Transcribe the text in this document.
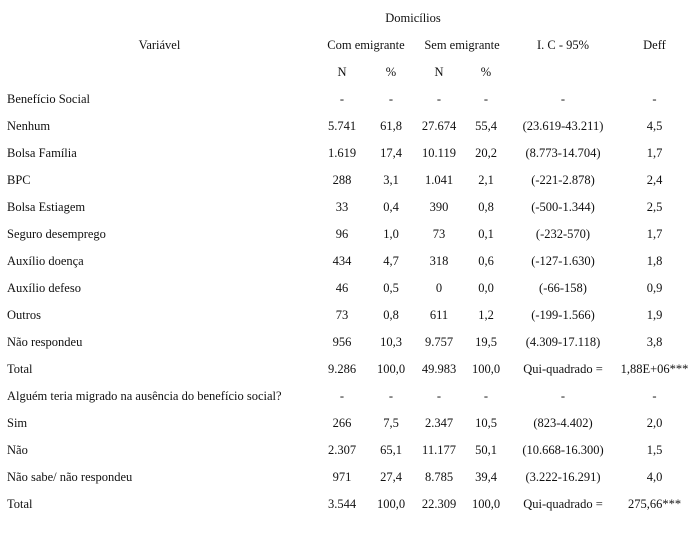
	Domicílios					
Variável	Com emigrante		Sem emigrante		I. C - 95%	Deff
	N	%	N	%		
Benefício Social	-	-	-	-	-	-
Nenhum	5.741	61,8	27.674	55,4	(23.619-43.211)	4,5
Bolsa Família	1.619	17,4	10.119	20,2	(8.773-14.704)	1,7
BPC	288	3,1	1.041	2,1	(-221-2.878)	2,4
Bolsa Estiagem	33	0,4	390	0,8	(-500-1.344)	2,5
Seguro desemprego	96	1,0	73	0,1	(-232-570)	1,7
Auxílio doença	434	4,7	318	0,6	(-127-1.630)	1,8
Auxílio defeso	46	0,5	0	0,0	(-66-158)	0,9
Outros	73	0,8	611	1,2	(-199-1.566)	1,9
Não respondeu	956	10,3	9.757	19,5	(4.309-17.118)	3,8
Total	9.286	100,0	49.983	100,0	Qui-quadrado =	1,88E+06***
Alguém teria migrado na ausência do benefício social?	-	-	-	-	-	-
Sim	266	7,5	2.347	10,5	(823-4.402)	2,0
Não	2.307	65,1	11.177	50,1	(10.668-16.300)	1,5
Não sabe/ não respondeu	971	27,4	8.785	39,4	(3.222-16.291)	4,0
Total	3.544	100,0	22.309	100,0	Qui-quadrado =	275,66***
